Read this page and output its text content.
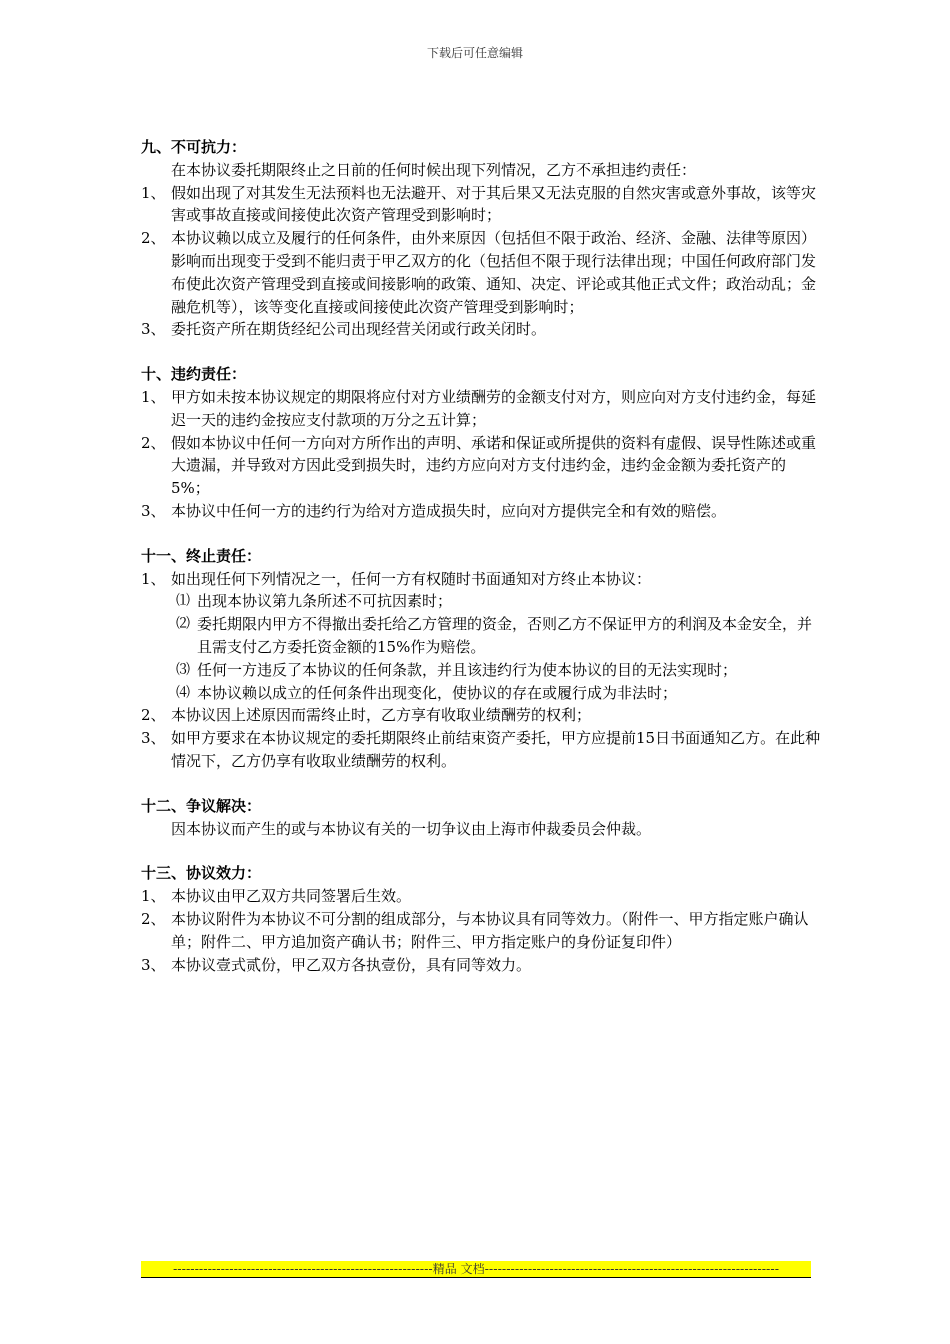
下载后可任意编辑

九、不可抗力：

在本协议委托期限终止之日前的任何时候出现下列情况，乙方不承担违约责任：

1、 假如出现了对其发生无法预料也无法避开、对于其后果又无法克服的自然灾害或意外事故，该等灾害或事故直接或间接使此次资产管理受到影响时；

2、 本协议赖以成立及履行的任何条件，由外来原因（包括但不限于政治、经济、金融、法律等原因）影响而出现变于受到不能归责于甲乙双方的化（包括但不限于现行法律出现；中国任何政府部门发布使此次资产管理受到直接或间接影响的政策、通知、决定、评论或其他正式文件；政治动乱；金融危机等），该等变化直接或间接使此次资产管理受到影响时；

3、 委托资产所在期货经纪公司出现经营关闭或行政关闭时。

十、违约责任：

1、 甲方如未按本协议规定的期限将应付对方业绩酬劳的金额支付对方，则应向对方支付违约金，每延迟一天的违约金按应支付款项的万分之五计算；

2、 假如本协议中任何一方向对方所作出的声明、承诺和保证或所提供的资料有虚假、误导性陈述或重大遗漏，并导致对方因此受到损失时，违约方应向对方支付违约金，违约金金额为委托资产的5%；

3、 本协议中任何一方的违约行为给对方造成损失时，应向对方提供完全和有效的赔偿。

十一、终止责任：

1、 如出现任何下列情况之一，任何一方有权随时书面通知对方终止本协议：

⑴ 出现本协议第九条所述不可抗因素时；

⑵ 委托期限内甲方不得撤出委托给乙方管理的资金，否则乙方不保证甲方的利润及本金安全，并且需支付乙方委托资金额的15%作为赔偿。

⑶ 任何一方违反了本协议的任何条款，并且该违约行为使本协议的目的无法实现时；

⑷ 本协议赖以成立的任何条件出现变化，使协议的存在或履行成为非法时；

2、 本协议因上述原因而需终止时，乙方享有收取业绩酬劳的权利；

3、 如甲方要求在本协议规定的委托期限终止前结束资产委托，甲方应提前15日书面通知乙方。在此种情况下，乙方仍享有收取业绩酬劳的权利。

十二、争议解决：

因本协议而产生的或与本协议有关的一切争议由上海市仲裁委员会仲裁。

十三、协议效力：

1、 本协议由甲乙双方共同签署后生效。

2、 本协议附件为本协议不可分割的组成部分，与本协议具有同等效力。（附件一、甲方指定账户确认单；附件二、甲方追加资产确认书；附件三、甲方指定账户的身份证复印件）

3、 本协议壹式贰份，甲乙双方各执壹份，具有同等效力。

------------------------------------------------------------精品 文档--------------------------------------------------------------------
